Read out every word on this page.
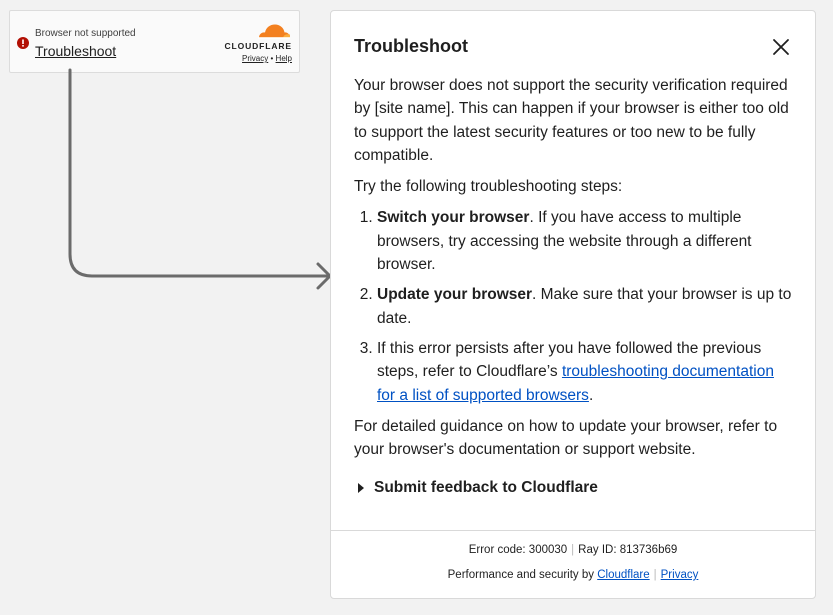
Browser not supported
Troubleshoot	CLOUDFLARE
Privacy • Help
Troubleshoot

Your browser does not support the security verification required by [site name]. This can happen if your browser is either too old to support the latest security features or too new to be fully compatible.

Try the following troubleshooting steps:

1. Switch your browser. If you have access to multiple browsers, try accessing the website through a different browser.
2. Update your browser. Make sure that your browser is up to date.
3. If this error persists after you have followed the previous steps, refer to Cloudflare’s troubleshooting documentation for a list of supported browsers.

For detailed guidance on how to update your browser, refer to your browser's documentation or support website.

Submit feedback to Cloudflare
Error code: 300030 | Ray ID: 813736b69
Performance and security by Cloudflare | Privacy
